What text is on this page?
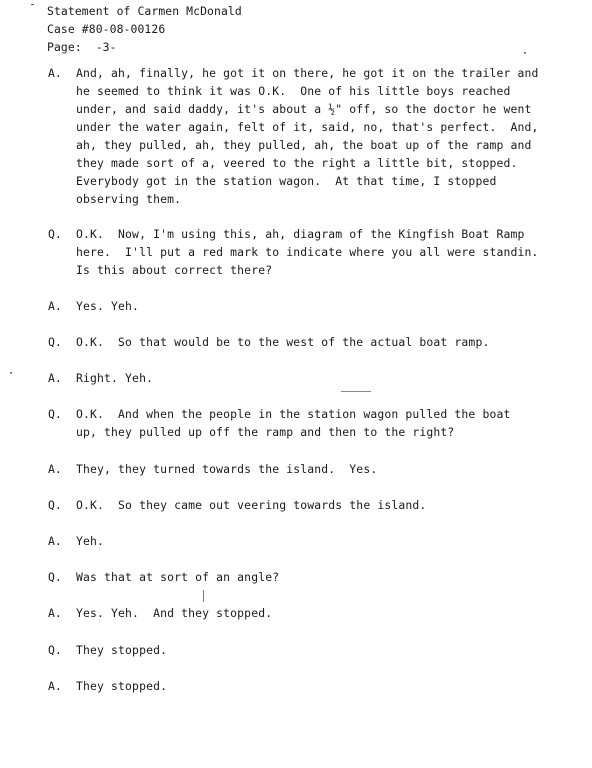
Statement of Carmen McDonald
Case #80-08-00126
Page:  -3-
A. And, ah, finally, he got it on there, he got it on the trailer and
he seemed to think it was O.K.  One of his little boys reached
under, and said daddy, it's about a ½" off, so the doctor he went
under the water again, felt of it, said, no, that's perfect.  And,
ah, they pulled, ah, they pulled, ah, the boat up of the ramp and
they made sort of a, veered to the right a little bit, stopped.
Everybody got in the station wagon.  At that time, I stopped
observing them.
Q. O.K.  Now, I'm using this, ah, diagram of the Kingfish Boat Ramp
here.  I'll put a red mark to indicate where you all were standin.
Is this about correct there?
A. Yes. Yeh.
Q. O.K.  So that would be to the west of the actual boat ramp.
A. Right. Yeh.
Q. O.K.  And when the people in the station wagon pulled the boat
up, they pulled up off the ramp and then to the right?
A. They, they turned towards the island.  Yes.
Q. O.K.  So they came out veering towards the island.
A. Yeh.
Q. Was that at sort of an angle?
A. Yes. Yeh.  And they stopped.
Q. They stopped.
A. They stopped.
